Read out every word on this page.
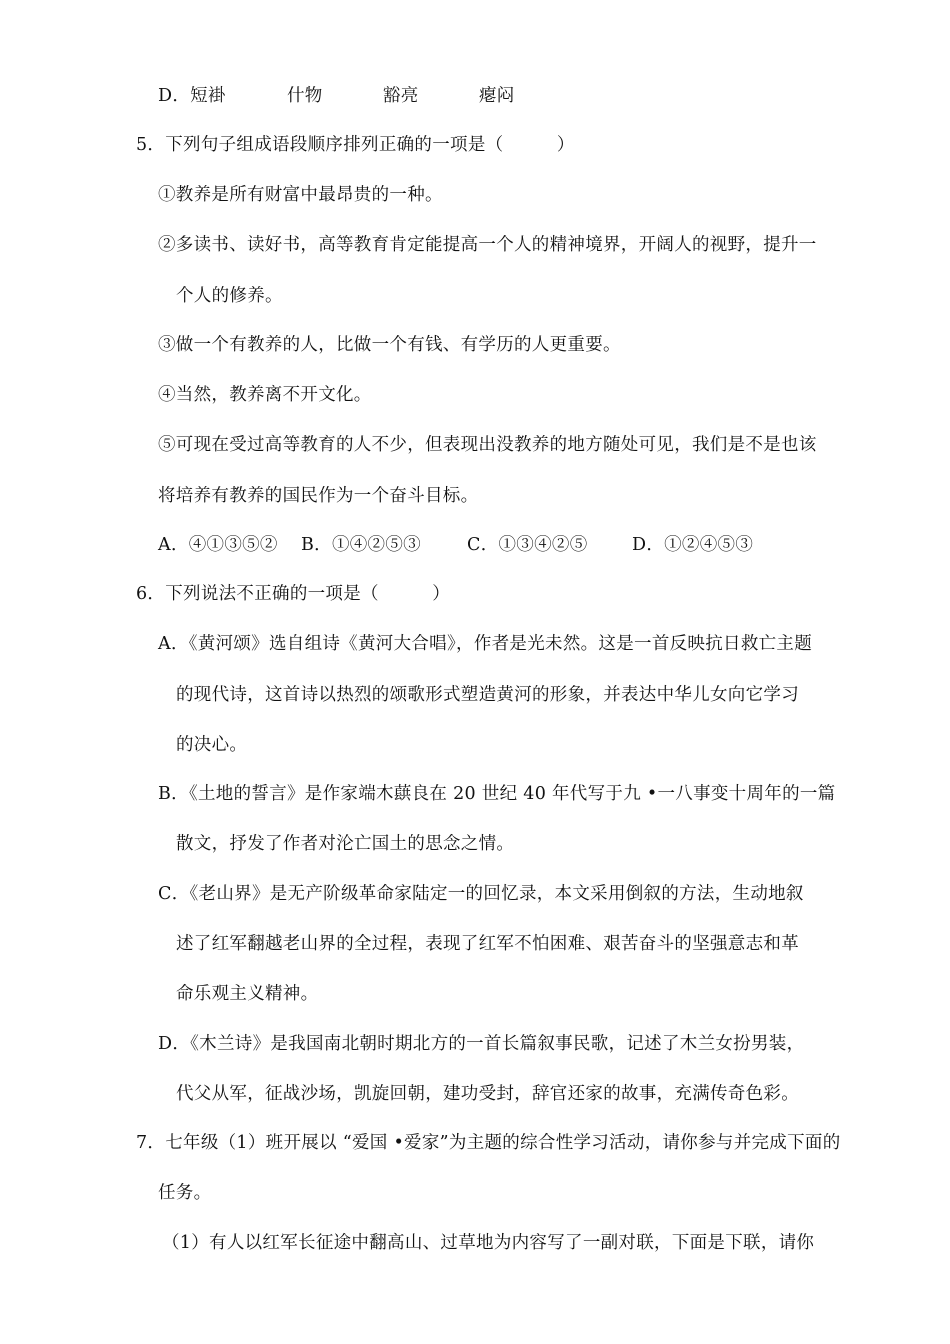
D．短褂	什物	豁亮	瘪闷
5．下列句子组成语段顺序排列正确的一项是（　　　）
①教养是所有财富中最昂贵的一种。
②多读书、读好书，高等教育肯定能提高一个人的精神境界，开阔人的视野，提升一
个人的修养。
③做一个有教养的人，比做一个有钱、有学历的人更重要。
④当然，教养离不开文化。
⑤可现在受过高等教育的人不少，但表现出没教养的地方随处可见，我们是不是也该
将培养有教养的国民作为一个奋斗目标。
A．④①③⑤② B．①④②⑤③	C．①③④②⑤	D．①②④⑤③
6．下列说法不正确的一项是（　　　）
A．《黄河颂》选自组诗《黄河大合唱》，作者是光未然。这是一首反映抗日救亡主题
的现代诗，这首诗以热烈的颂歌形式塑造黄河的形象，并表达中华儿女向它学习
的决心。
B．《土地的誓言》是作家端木蕻良在 20 世纪 40 年代写于九 •一八事变十周年的一篇
散文，抒发了作者对沦亡国土的思念之情。
C．《老山界》是无产阶级革命家陆定一的回忆录，本文采用倒叙的方法，生动地叙
述了红军翻越老山界的全过程，表现了红军不怕困难、艰苦奋斗的坚强意志和革
命乐观主义精神。
D．《木兰诗》是我国南北朝时期北方的一首长篇叙事民歌，记述了木兰女扮男装，
代父从军，征战沙场，凯旋回朝，建功受封，辞官还家的故事，充满传奇色彩。
7．七年级（1）班开展以 “爱国 •爱家”为主题的综合性学习活动，请你参与并完成下面的
任务。
（1）有人以红军长征途中翻高山、过草地为内容写了一副对联，下面是下联，请你
